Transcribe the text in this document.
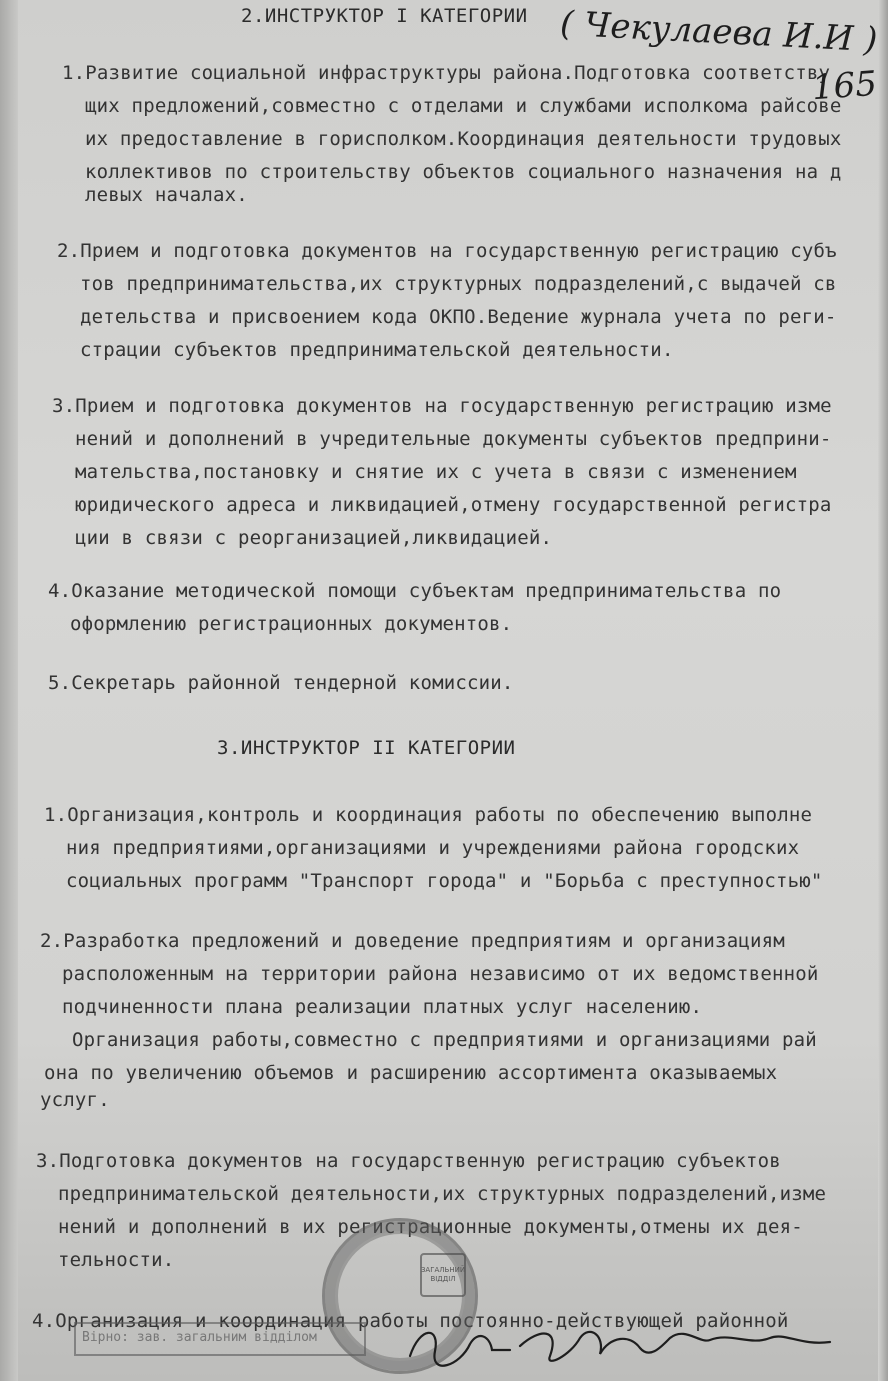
2.ИНСТРУКТОР I КАТЕГОРИИ
1.Развитие социальной инфраструктуры района.Подготовка соответству
щих предложений,совместно с отделами и службами исполкома райсове
их предоставление в горисполком.Координация деятельности трудовых
коллективов по строительству объектов социального назначения на д
левых началах.
2.Прием и подготовка документов на государственную регистрацию субъ
тов предпринимательства,их структурных подразделений,с выдачей св
детельства и присвоением кода ОКПО.Ведение журнала учета по реги-
страции субъектов предпринимательской деятельности.
3.Прием и подготовка документов на государственную регистрацию изме
нений и дополнений в учредительные документы субъектов предприни-
мательства,постановку и снятие их с учета в связи с изменением
юридического адреса и ликвидацией,отмену государственной регистра
ции в связи с реорганизацией,ликвидацией.
4.Оказание методической помощи субъектам предпринимательства по
оформлению регистрационных документов.
5.Секретарь районной тендерной комиссии.
3.ИНСТРУКТОР II КАТЕГОРИИ
1.Организация,контроль и координация работы по обеспечению выполне
ния предприятиями,организациями и учреждениями района городских
социальных программ "Транспорт города" и "Борьба с преступностью"
2.Разработка предложений и доведение предприятиям и организациям
расположенным на территории района независимо от их ведомственной
подчиненности плана реализации платных услуг населению.
Организация работы,совместно с предприятиями и организациями рай
она по увеличению объемов и расширению ассортимента оказываемых
услуг.
3.Подготовка документов на государственную регистрацию субъектов
предпринимательской деятельности,их структурных подразделений,изме
нений и дополнений в их регистрационные документы,отмены их дея-
тельности.
4.Организация и координация работы постоянно-действующей районной
( Чекулаева И.И )
165
ЗАГАЛЬНИЙ ВІДДІЛ
Вірно: зав. загальним відділом
